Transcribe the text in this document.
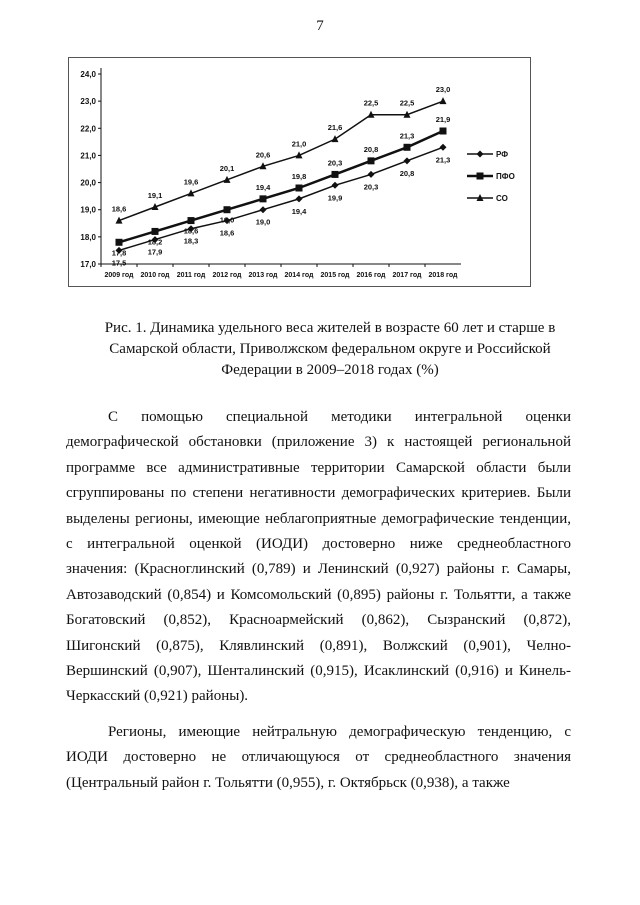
7
17,0
18,0
19,0
20,0
21,0
22,0
23,0
24,0
2009 год 2010 год 2011 год 2012 год 2013 год 2014 год 2015 год 2016 год 2017 год 2018 год
17,5
17,9
18,3
18,6
19,0
19,4
19,9
20,3
20,8
21,3
17,8
18,2
18,6
19,0
19,4
19,8
20,3
20,8
21,3
21,9
18,6
19,1
19,6
20,1
20,6
21,0
21,6
22,5	22,5
23,0
РФ
ПФО
СО
Рис. 1. Динамика удельного веса жителей в возрасте 60 лет и старше в Самарской области, Приволжском федеральном округе и Российской Федерации в 2009–2018 годах (%)

С помощью специальной методики интегральной оценки демографической обстановки (приложение 3) к настоящей региональной программе все административные территории Самарской области были сгруппированы по степени негативности демографических критериев. Были выделены регионы, имеющие неблагоприятные демографические тенденции, с интегральной оценкой (ИОДИ) достоверно ниже среднеобластного значения: (Красноглинский (0,789) и Ленинский (0,927) районы г. Самары, Автозаводский (0,854) и Комсомольский (0,895) районы г. Тольятти, а также Богатовский (0,852), Красноармейский (0,862), Сызранский (0,872), Шигонский (0,875), Клявлинский (0,891), Волжский (0,901), Челно-Вершинский (0,907), Шенталинский (0,915), Исаклинский (0,916) и Кинель-Черкасский (0,921) районы).

Регионы, имеющие нейтральную демографическую тенденцию, с ИОДИ достоверно не отличающуюся от среднеобластного значения (Центральный район г. Тольятти (0,955), г. Октябрьск (0,938), а также
